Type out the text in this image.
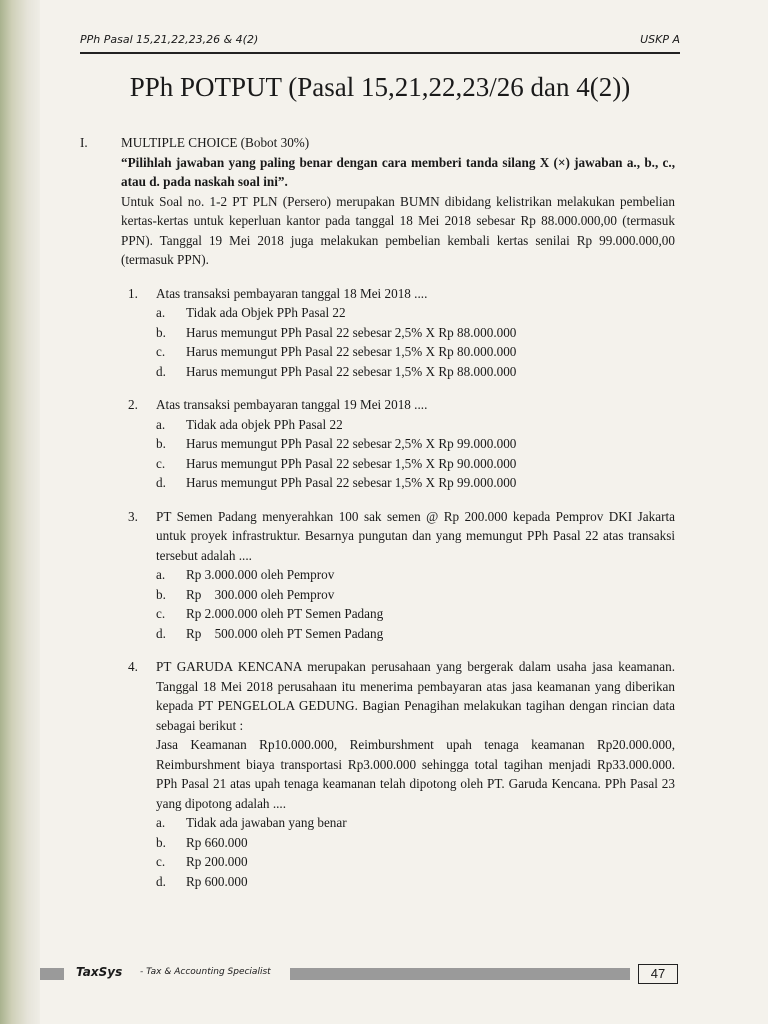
PPh Pasal 15,21,22,23,26 & 4(2)	USKP A
PPh POTPUT (Pasal 15,21,22,23/26 dan 4(2))
I.	MULTIPLE CHOICE (Bobot 30%)
“Pilihlah jawaban yang paling benar dengan cara memberi tanda silang X (×) jawaban a., b., c., atau d. pada naskah soal ini”.
Untuk Soal no. 1-2 PT PLN (Persero) merupakan BUMN dibidang kelistrikan melakukan pembelian kertas-kertas untuk keperluan kantor pada tanggal 18 Mei 2018 sebesar Rp 88.000.000,00 (termasuk PPN). Tanggal 19 Mei 2018 juga melakukan pembelian kembali kertas senilai Rp 99.000.000,00 (termasuk PPN).
1.	Atas transaksi pembayaran tanggal 18 Mei 2018 ....
a.	Tidak ada Objek PPh Pasal 22
b.	Harus memungut PPh Pasal 22 sebesar 2,5% X Rp 88.000.000
c.	Harus memungut PPh Pasal 22 sebesar 1,5% X Rp 80.000.000
d.	Harus memungut PPh Pasal 22 sebesar 1,5% X Rp 88.000.000
2.	Atas transaksi pembayaran tanggal 19 Mei 2018 ....
a.	Tidak ada objek PPh Pasal 22
b.	Harus memungut PPh Pasal 22 sebesar 2,5% X Rp 99.000.000
c.	Harus memungut PPh Pasal 22 sebesar 1,5% X Rp 90.000.000
d.	Harus memungut PPh Pasal 22 sebesar 1,5% X Rp 99.000.000
3.	PT Semen Padang menyerahkan 100 sak semen @ Rp 200.000 kepada Pemprov DKI Jakarta untuk proyek infrastruktur. Besarnya pungutan dan yang memungut PPh Pasal 22 atas transaksi tersebut adalah ....
a.	Rp 3.000.000 oleh Pemprov
b.	Rp    300.000 oleh Pemprov
c.	Rp 2.000.000 oleh PT Semen Padang
d.	Rp    500.000 oleh PT Semen Padang
4.	PT GARUDA KENCANA merupakan perusahaan yang bergerak dalam usaha jasa keamanan. Tanggal 18 Mei 2018 perusahaan itu menerima pembayaran atas jasa keamanan yang diberikan kepada PT PENGELOLA GEDUNG. Bagian Penagihan melakukan tagihan dengan rincian data sebagai berikut :
Jasa Keamanan Rp10.000.000, Reimburshment upah tenaga keamanan Rp20.000.000, Reimburshment biaya transportasi Rp3.000.000 sehingga total tagihan menjadi Rp33.000.000. PPh Pasal 21 atas upah tenaga keamanan telah dipotong oleh PT. Garuda Kencana. PPh Pasal 23 yang dipotong adalah ....
a.	Tidak ada jawaban yang benar
b.	Rp 660.000
c.	Rp 200.000
d.	Rp 600.000
TaxSys - Tax & Accounting Specialist	47
